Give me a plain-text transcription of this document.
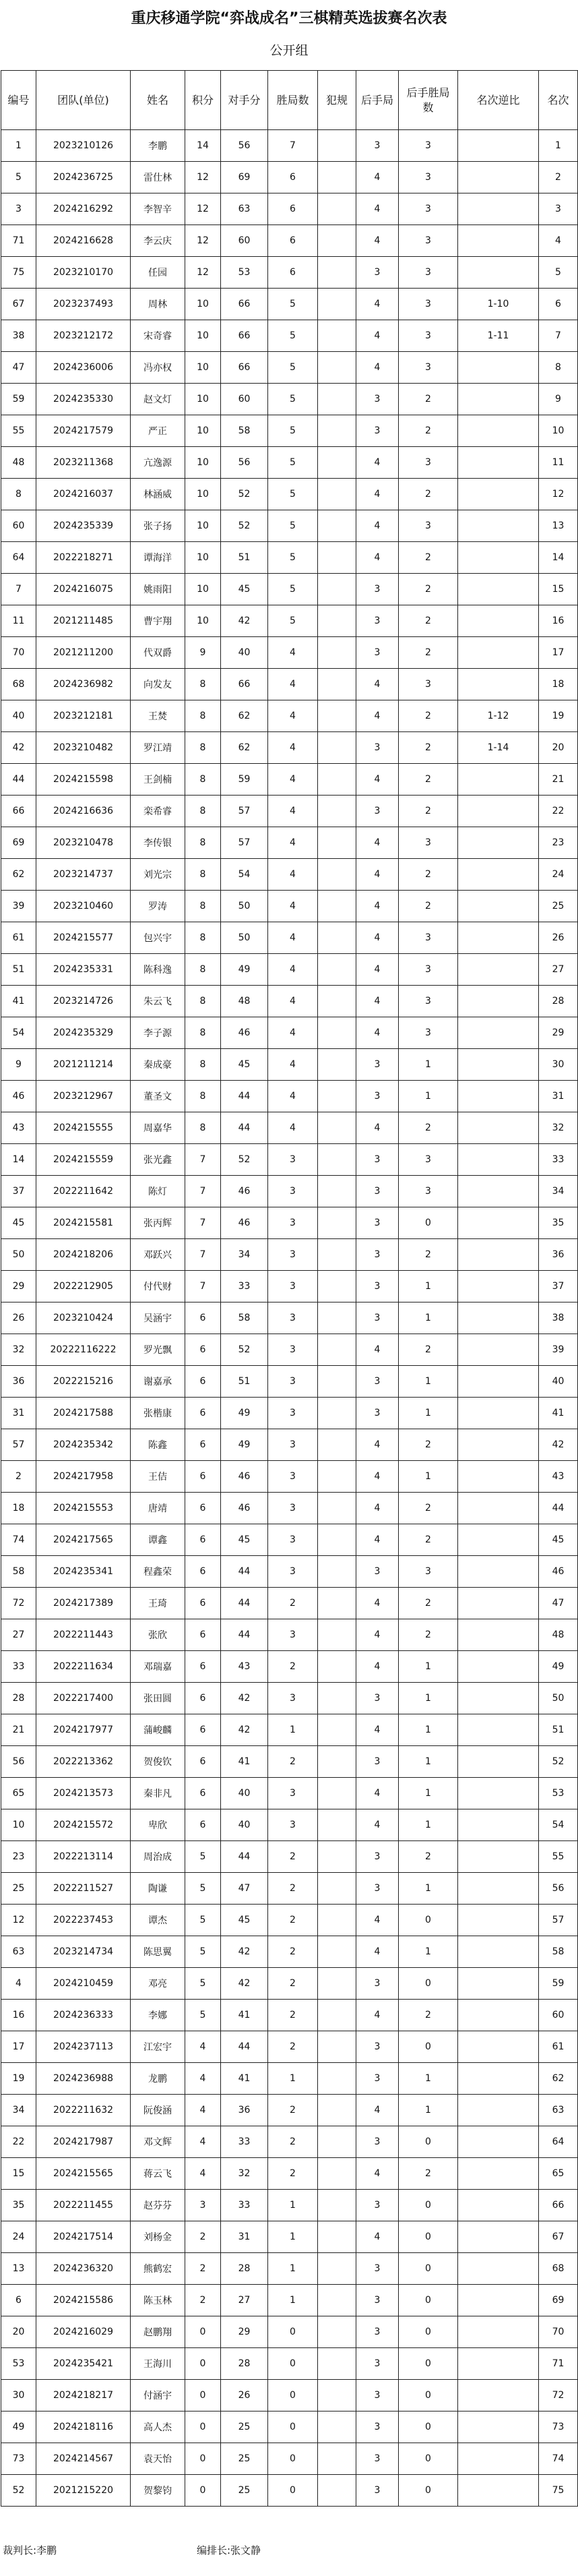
重庆移通学院“弈战成名”三棋精英选拔赛名次表
公开组
编号	团队(单位)	姓名	积分	对手分	胜局数	犯规	后手局	后手胜局数	名次逆比	名次
1	2023210126	李鹏	14	56	7		3	3		1
5	2024236725	雷仕林	12	69	6		4	3		2
3	2024216292	李智辛	12	63	6		4	3		3
71	2024216628	李云庆	12	60	6		4	3		4
75	2023210170	任园	12	53	6		3	3		5
67	2023237493	周林	10	66	5		4	3	1-10	6
38	2023212172	宋奇睿	10	66	5		4	3	1-11	7
47	2024236006	冯亦权	10	66	5		4	3		8
59	2024235330	赵文灯	10	60	5		3	2		9
55	2024217579	严正	10	58	5		3	2		10
48	2023211368	亢逸源	10	56	5		4	3		11
8	2024216037	林涵威	10	52	5		4	2		12
60	2024235339	张子扬	10	52	5		4	3		13
64	2022218271	谭海洋	10	51	5		4	2		14
7	2024216075	姚雨阳	10	45	5		3	2		15
11	2021211485	曹宇翔	10	42	5		3	2		16
70	2021211200	代双爵	9	40	4		3	2		17
68	2024236982	向发友	8	66	4		4	3		18
40	2023212181	王焚	8	62	4		4	2	1-12	19
42	2023210482	罗江靖	8	62	4		3	2	1-14	20
44	2024215598	王剑楠	8	59	4		4	2		21
66	2024216636	栾希睿	8	57	4		3	2		22
69	2023210478	李传银	8	57	4		4	3		23
62	2023214737	刘光宗	8	54	4		4	2		24
39	2023210460	罗涛	8	50	4		4	2		25
61	2024215577	包兴宇	8	50	4		4	3		26
51	2024235331	陈科逸	8	49	4		4	3		27
41	2023214726	朱云飞	8	48	4		4	3		28
54	2024235329	李子源	8	46	4		4	3		29
9	2021211214	秦成豪	8	45	4		3	1		30
46	2023212967	董圣文	8	44	4		3	1		31
43	2024215555	周嘉华	8	44	4		4	2		32
14	2024215559	张光鑫	7	52	3		3	3		33
37	2022211642	陈灯	7	46	3		3	3		34
45	2024215581	张丙辉	7	46	3		3	0		35
50	2024218206	邓跃兴	7	34	3		3	2		36
29	2022212905	付代财	7	33	3		3	1		37
26	2023210424	吴涵宇	6	58	3		3	1		38
32	20222116222	罗光飘	6	52	3		4	2		39
36	2022215216	谢嘉承	6	51	3		3	1		40
31	2024217588	张楷康	6	49	3		3	1		41
57	2024235342	陈鑫	6	49	3		4	2		42
2	2024217958	王佶	6	46	3		4	1		43
18	2024215553	唐靖	6	46	3		4	2		44
74	2024217565	谭鑫	6	45	3		4	2		45
58	2024235341	程鑫荣	6	44	3		3	3		46
72	2024217389	王琦	6	44	2		4	2		47
27	2022211443	张欣	6	44	3		4	2		48
33	2022211634	邓瑞嘉	6	43	2		4	1		49
28	2022217400	张田圆	6	42	3		3	1		50
21	2024217977	蒲峻麟	6	42	1		4	1		51
56	2022213362	贺俊钦	6	41	2		3	1		52
65	2024213573	秦非凡	6	40	3		4	1		53
10	2024215572	卑欣	6	40	3		4	1		54
23	2022213114	周治成	5	44	2		3	2		55
25	2022211527	陶谦	5	47	2		3	1		56
12	2022237453	谭杰	5	45	2		4	0		57
63	2023214734	陈思翼	5	42	2		4	1		58
4	2024210459	邓亮	5	42	2		3	0		59
16	2024236333	李娜	5	41	2		4	2		60
17	2024237113	江宏宇	4	44	2		3	0		61
19	2024236988	龙鹏	4	41	1		3	1		62
34	2022211632	阮俊涵	4	36	2		4	1		63
22	2024217987	邓文辉	4	33	2		3	0		64
15	2024215565	蒋云飞	4	32	2		4	2		65
35	2022211455	赵芬芬	3	33	1		3	0		66
24	2024217514	刘杨金	2	31	1		4	0		67
13	2024236320	熊鹤宏	2	28	1		3	0		68
6	2024215586	陈玉林	2	27	1		3	0		69
20	2024216029	赵鹏翔	0	29	0		3	0		70
53	2024235421	王海川	0	28	0		3	0		71
30	2024218217	付涵宇	0	26	0		3	0		72
49	2024218116	高人杰	0	25	0		3	0		73
73	2024214567	袁天怡	0	25	0		3	0		74
52	2021215220	贺黎钧	0	25	0		3	0		75
裁判长:李鹏	编排长:张文静
